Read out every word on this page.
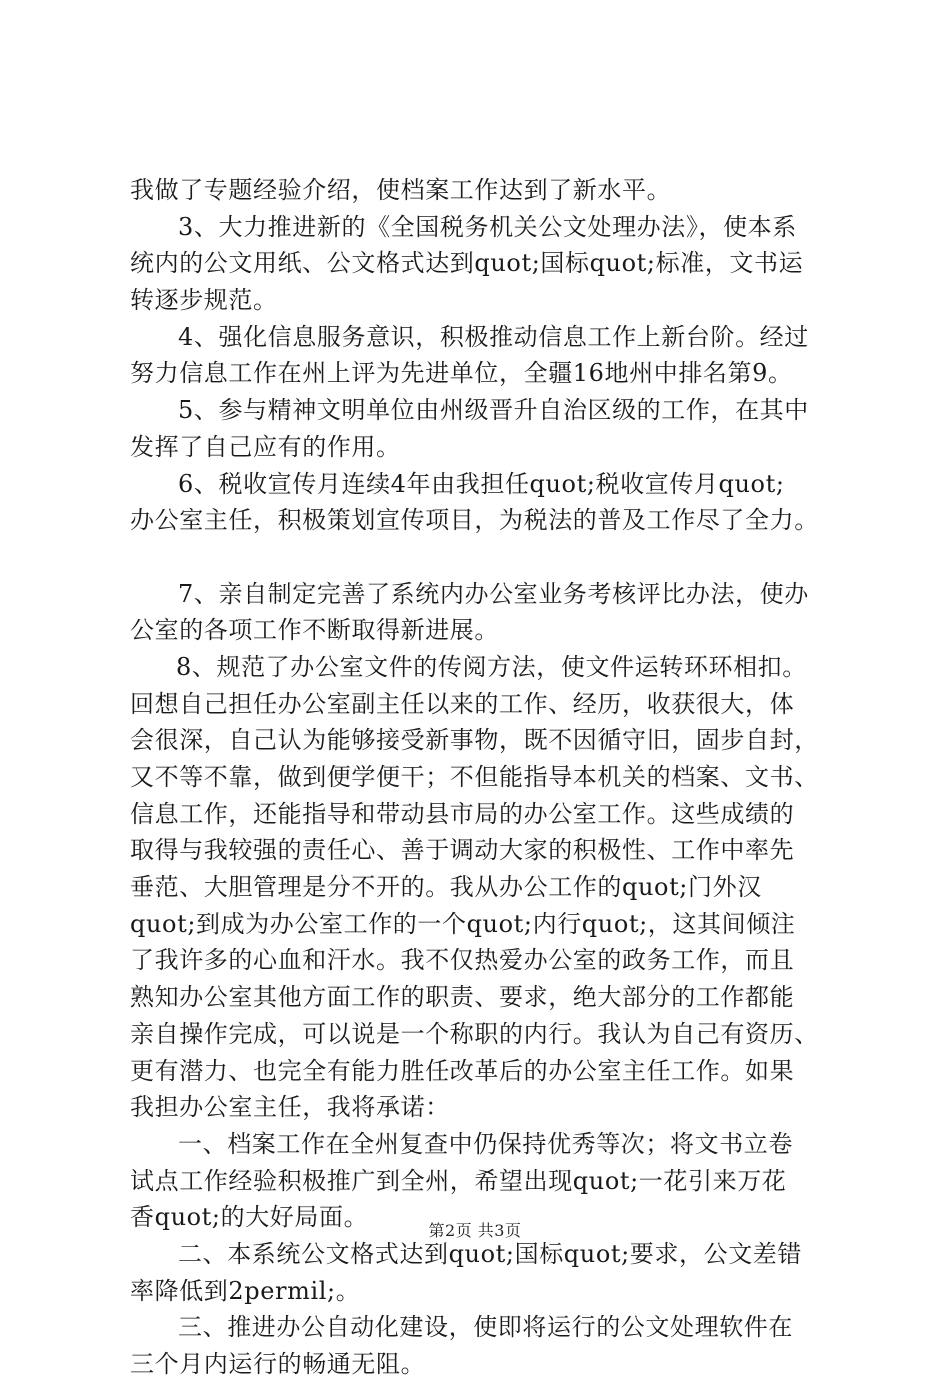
我做了专题经验介绍，使档案工作达到了新水平。
3、大力推进新的《全国税务机关公文处理办法》，使本系
统内的公文用纸、公文格式达到quot;国标quot;标准，文书运
转逐步规范。
4、强化信息服务意识，积极推动信息工作上新台阶。经过
努力信息工作在州上评为先进单位，全疆16地州中排名第9。
5、参与精神文明单位由州级晋升自治区级的工作，在其中
发挥了自己应有的作用。
6、税收宣传月连续4年由我担任quot;税收宣传月quot;
办公室主任，积极策划宣传项目，为税法的普及工作尽了全力。
7、亲自制定完善了系统内办公室业务考核评比办法，使办
公室的各项工作不断取得新进展。
8、规范了办公室文件的传阅方法，使文件运转环环相扣。
回想自己担任办公室副主任以来的工作、经历，收获很大，体
会很深，自己认为能够接受新事物，既不因循守旧，固步自封，
又不等不靠，做到便学便干；不但能指导本机关的档案、文书、
信息工作，还能指导和带动县市局的办公室工作。这些成绩的
取得与我较强的责任心、善于调动大家的积极性、工作中率先
垂范、大胆管理是分不开的。我从办公工作的quot;门外汉
quot;到成为办公室工作的一个quot;内行quot;，这其间倾注
了我许多的心血和汗水。我不仅热爱办公室的政务工作，而且
熟知办公室其他方面工作的职责、要求，绝大部分的工作都能
亲自操作完成，可以说是一个称职的内行。我认为自己有资历、
更有潜力、也完全有能力胜任改革后的办公室主任工作。如果
我担办公室主任，我将承诺：
一、档案工作在全州复查中仍保持优秀等次；将文书立卷
试点工作经验积极推广到全州，希望出现quot;一花引来万花
香quot;的大好局面。
二、本系统公文格式达到quot;国标quot;要求，公文差错
率降低到2permil;。
三、推进办公自动化建设，使即将运行的公文处理软件在
三个月内运行的畅通无阻。
第2页 共3页
